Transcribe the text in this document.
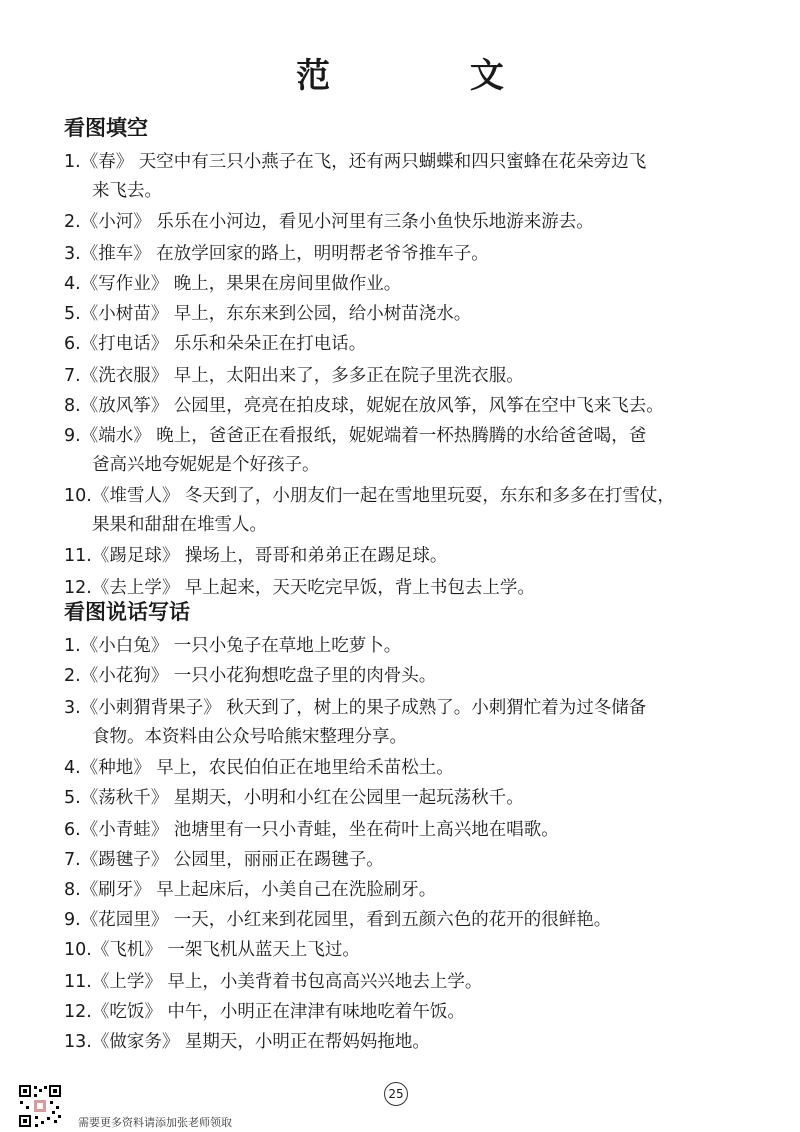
范 文
看图填空
1.《春》 天空中有三只小燕子在飞，还有两只蝴蝶和四只蜜蜂在花朵旁边飞
来飞去。
2.《小河》 乐乐在小河边，看见小河里有三条小鱼快乐地游来游去。
3.《推车》 在放学回家的路上，明明帮老爷爷推车子。
4.《写作业》 晚上，果果在房间里做作业。
5.《小树苗》 早上，东东来到公园，给小树苗浇水。
6.《打电话》 乐乐和朵朵正在打电话。
7.《洗衣服》 早上，太阳出来了，多多正在院子里洗衣服。
8.《放风筝》 公园里，亮亮在拍皮球，妮妮在放风筝，风筝在空中飞来飞去。
9.《端水》 晚上，爸爸正在看报纸，妮妮端着一杯热腾腾的水给爸爸喝，爸
爸高兴地夸妮妮是个好孩子。
10.《堆雪人》 冬天到了，小朋友们一起在雪地里玩耍，东东和多多在打雪仗，
果果和甜甜在堆雪人。
11.《踢足球》 操场上，哥哥和弟弟正在踢足球。
12.《去上学》 早上起来，天天吃完早饭，背上书包去上学。
看图说话写话
1.《小白兔》 一只小兔子在草地上吃萝卜。
2.《小花狗》 一只小花狗想吃盘子里的肉骨头。
3.《小刺猬背果子》 秋天到了，树上的果子成熟了。小刺猬忙着为过冬储备
食物。本资料由公众号哈熊宋整理分享。
4.《种地》 早上，农民伯伯正在地里给禾苗松土。
5.《荡秋千》 星期天，小明和小红在公园里一起玩荡秋千。
6.《小青蛙》 池塘里有一只小青蛙，坐在荷叶上高兴地在唱歌。
7.《踢毽子》 公园里，丽丽正在踢毽子。
8.《刷牙》 早上起床后，小美自己在洗脸刷牙。
9.《花园里》 一天，小红来到花园里，看到五颜六色的花开的很鲜艳。
10.《飞机》 一架飞机从蓝天上飞过。
11.《上学》 早上，小美背着书包高高兴兴地去上学。
12.《吃饭》 中午，小明正在津津有味地吃着午饭。
13.《做家务》 星期天，小明正在帮妈妈拖地。
25
需要更多资料请添加张老师领取
